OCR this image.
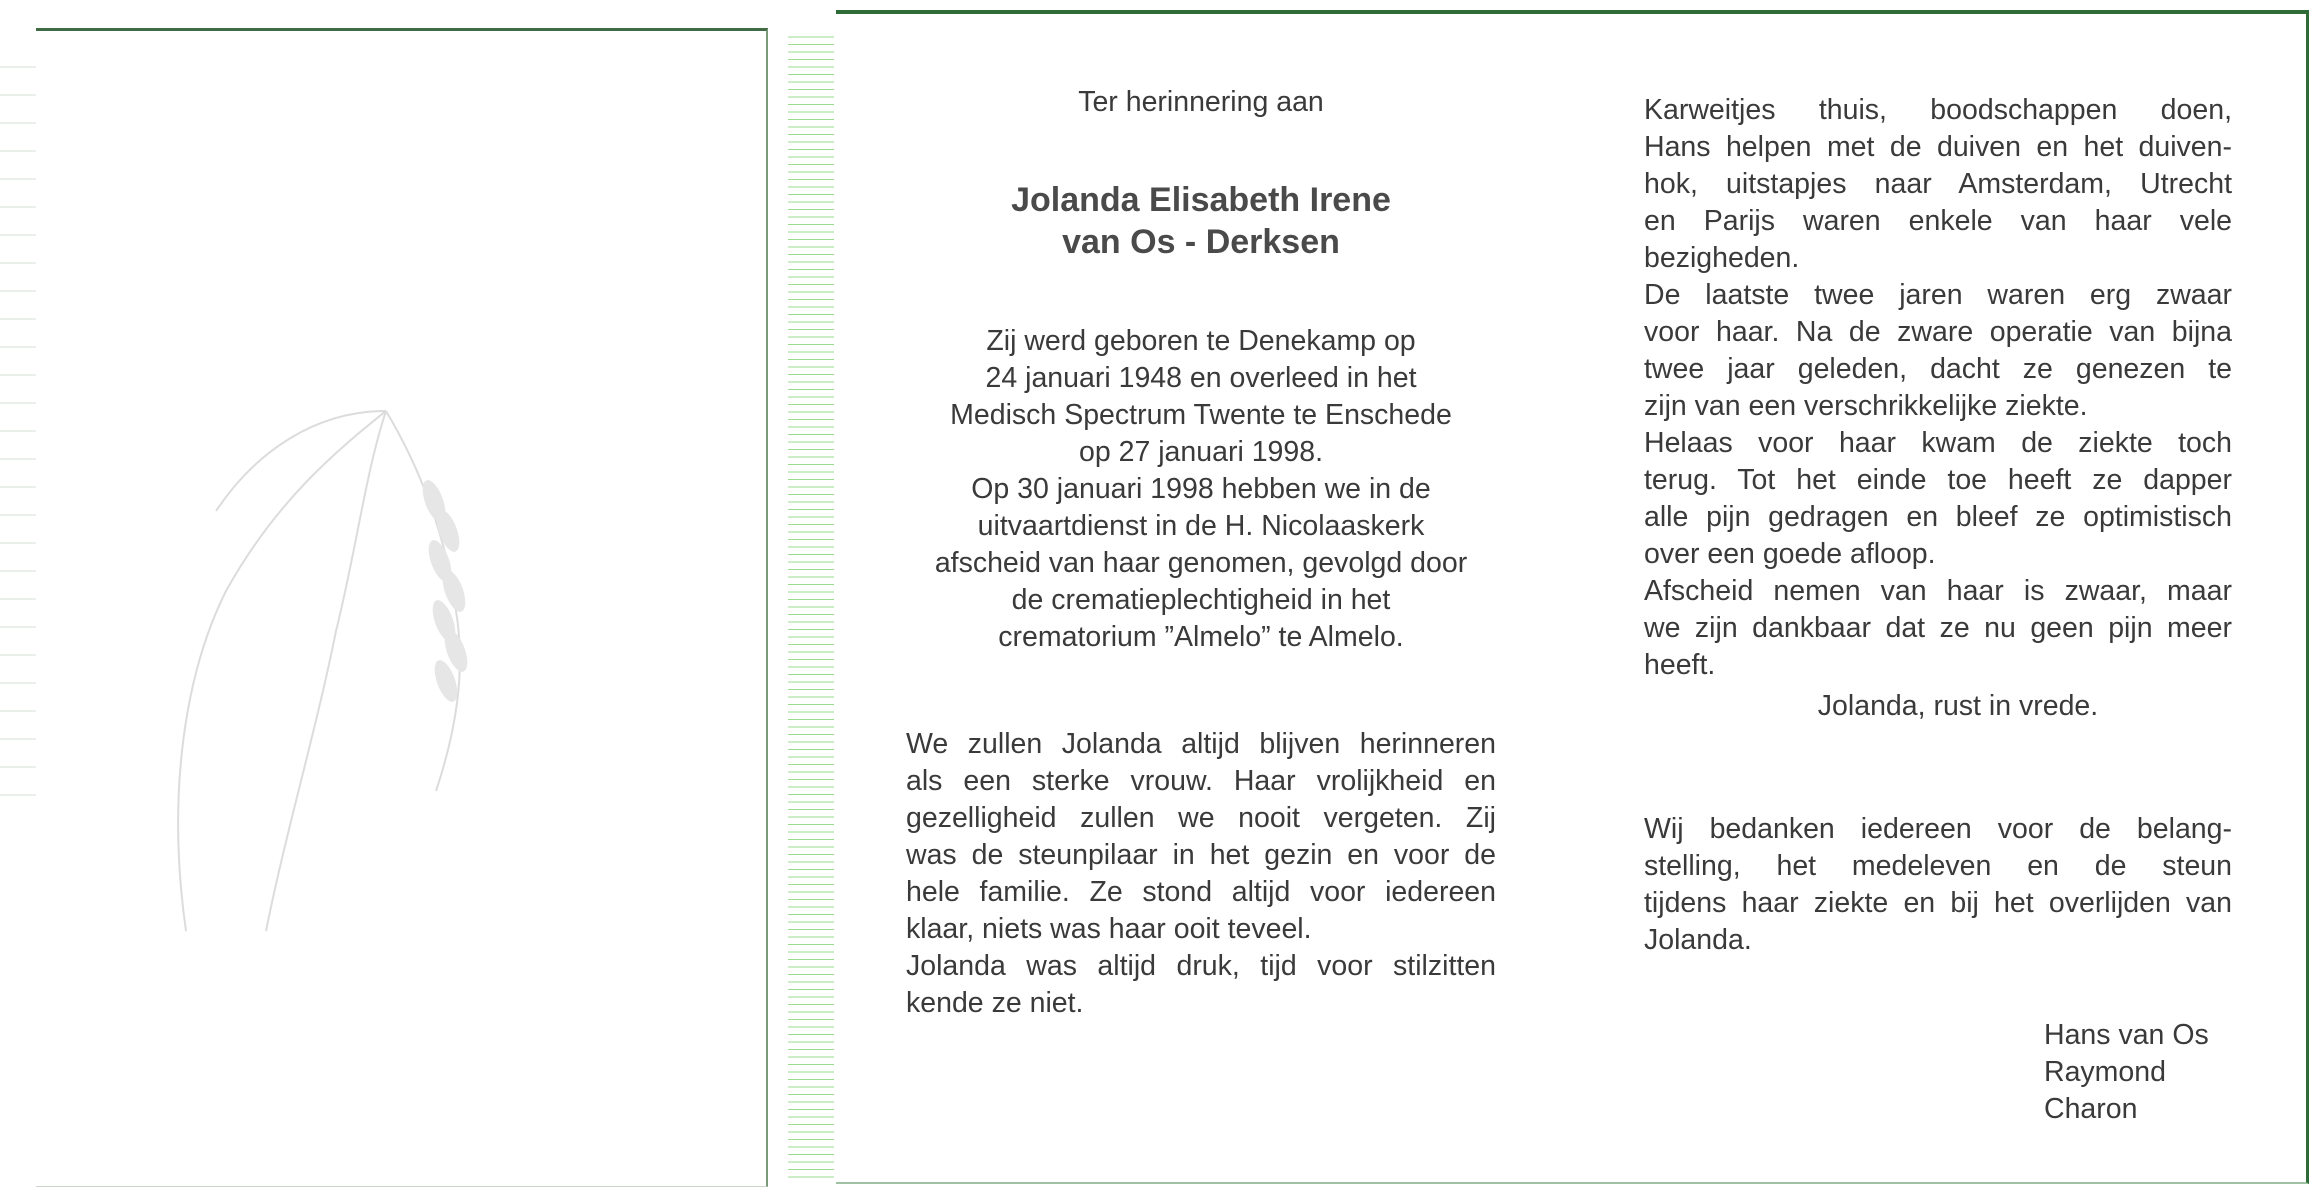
Ter herinnering aan

Jolanda Elisabeth Irene
van Os - Derksen
Zij werd geboren te Denekamp op
24 januari 1948 en overleed in het
Medisch Spectrum Twente te Enschede
op 27 januari 1998.
Op 30 januari 1998 hebben we in de
uitvaartdienst in de H. Nicolaaskerk
afscheid van haar genomen, gevolgd door
de crematieplechtigheid in het
crematorium ”Almelo” te Almelo.
We zullen Jolanda altijd blijven herinneren
als een sterke vrouw. Haar vrolijkheid en
gezelligheid zullen we nooit vergeten. Zij
was de steunpilaar in het gezin en voor de
hele familie. Ze stond altijd voor iedereen
klaar, niets was haar ooit teveel.
Jolanda was altijd druk, tijd voor stilzitten
kende ze niet.
Karweitjes thuis, boodschappen doen,
Hans helpen met de duiven en het duiven-
hok, uitstapjes naar Amsterdam, Utrecht
en Parijs waren enkele van haar vele
bezigheden.
De laatste twee jaren waren erg zwaar
voor haar. Na de zware operatie van bijna
twee jaar geleden, dacht ze genezen te
zijn van een verschrikkelijke ziekte.
Helaas voor haar kwam de ziekte toch
terug. Tot het einde toe heeft ze dapper
alle pijn gedragen en bleef ze optimistisch
over een goede afloop.
Afscheid nemen van haar is zwaar, maar
we zijn dankbaar dat ze nu geen pijn meer
heeft.
Jolanda, rust in vrede.
Wij bedanken iedereen voor de belang-
stelling, het medeleven en de steun
tijdens haar ziekte en bij het overlijden van
Jolanda.
Hans van Os
Raymond
Charon
